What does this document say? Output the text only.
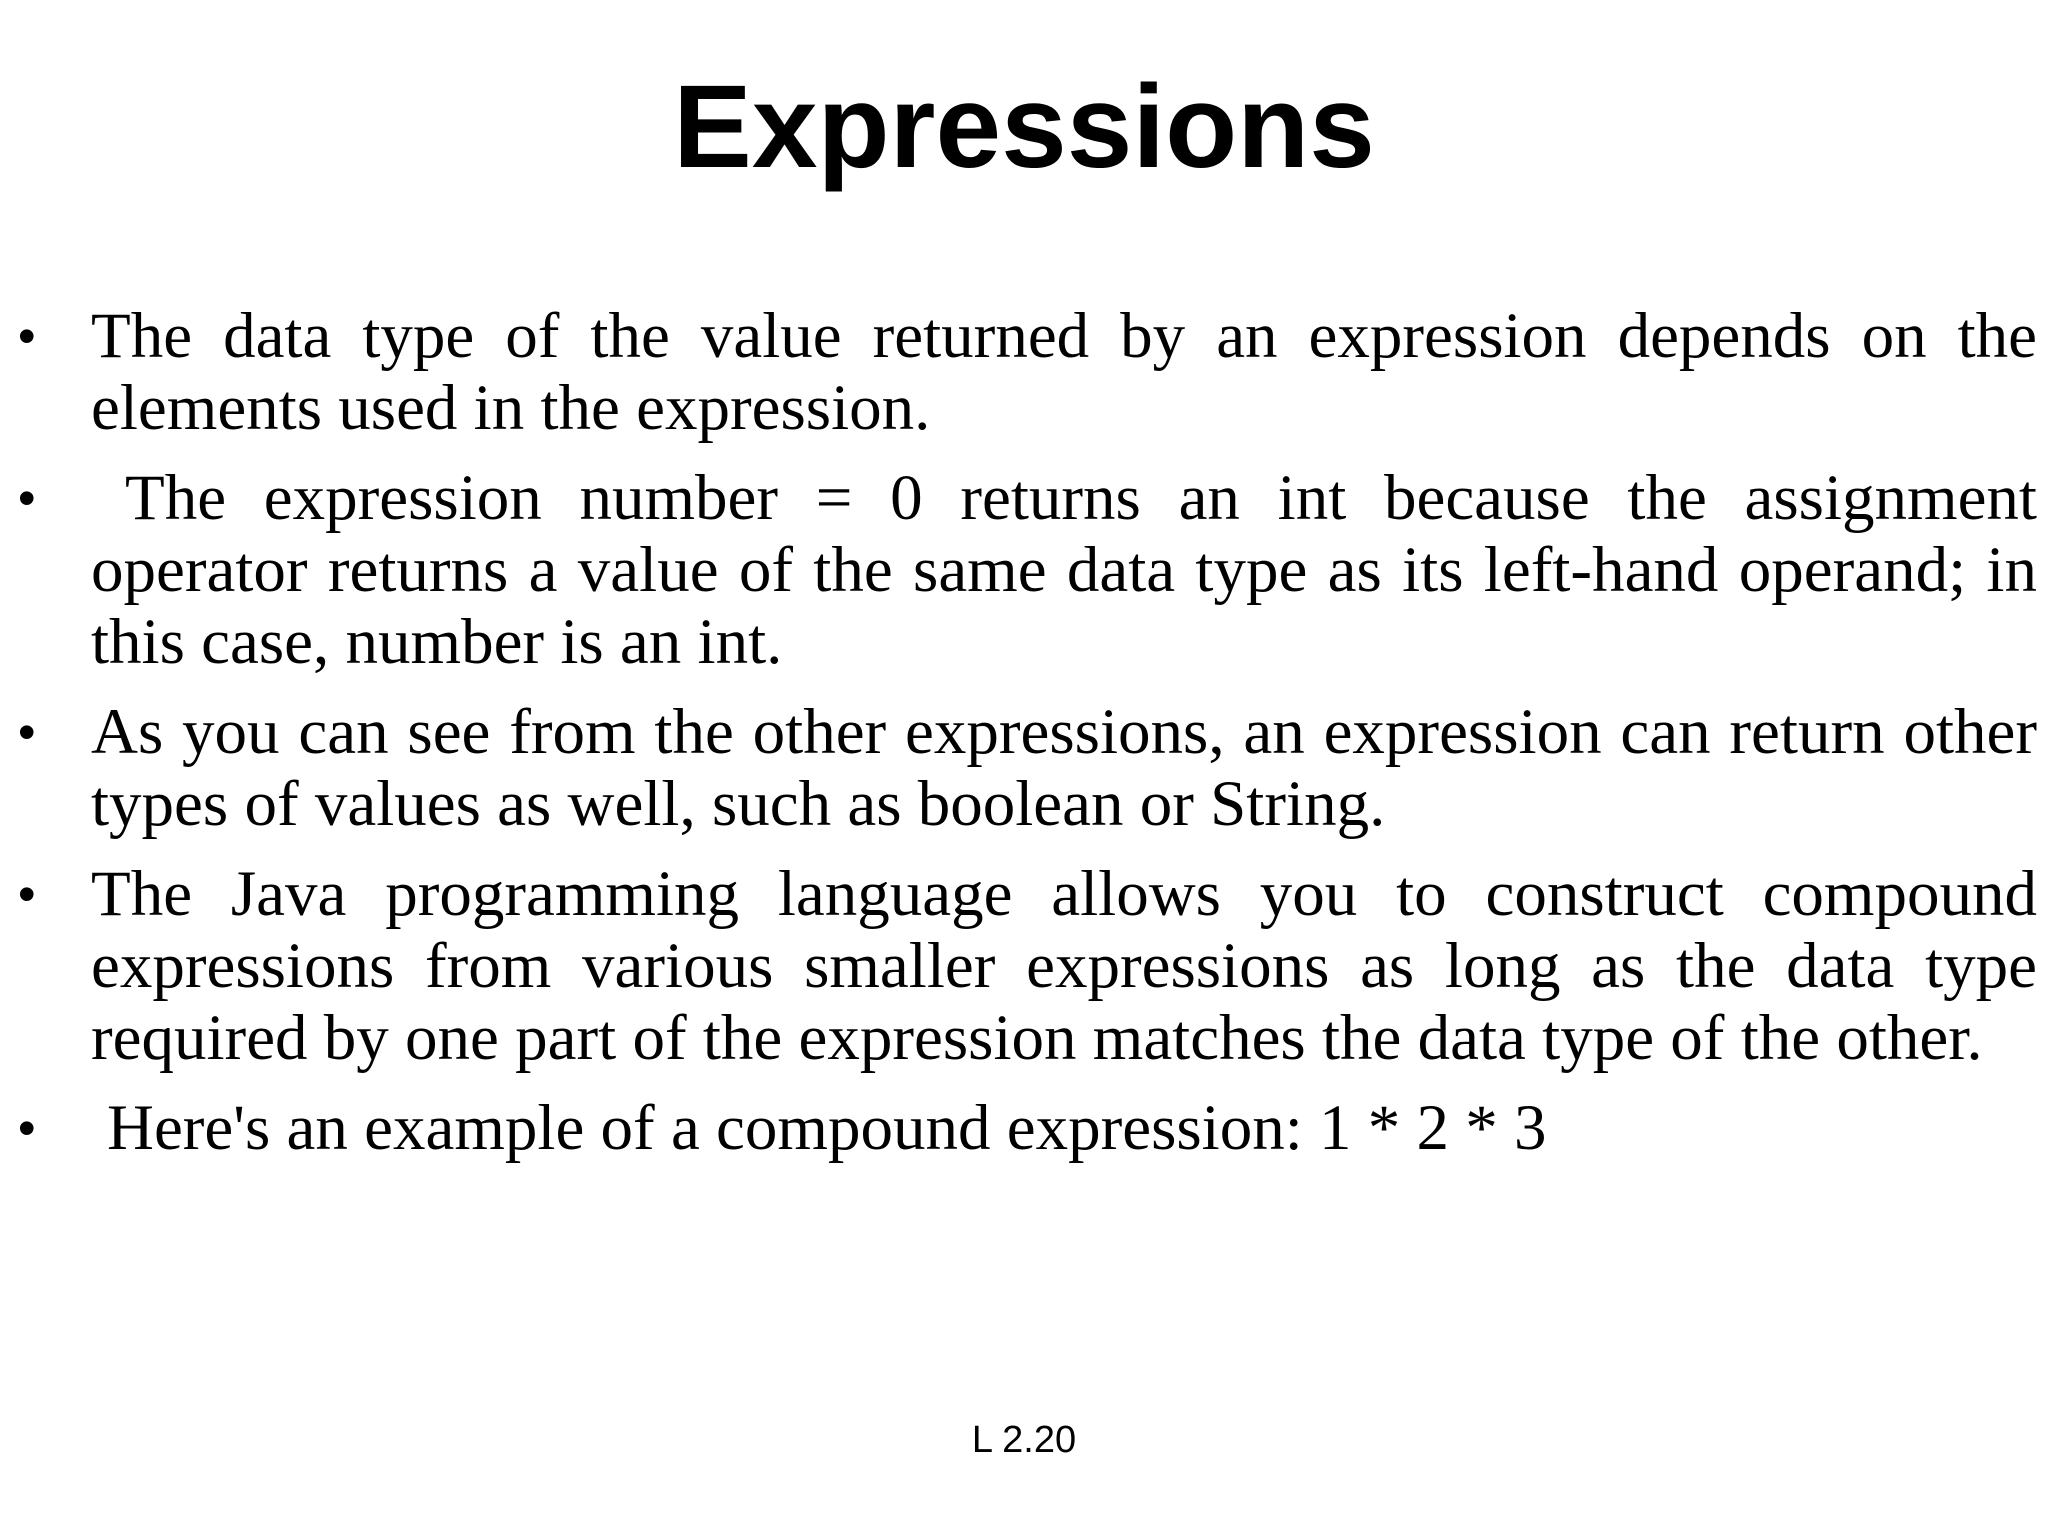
Expressions
• The data type of the value returned by an expression depends on the elements used in the expression.
•	The expression number = 0 returns an int because the assignment operator returns a value of the same data type as its left-hand operand; in this case, number is an int.
• As you can see from the other expressions, an expression can return other types of values as well, such as boolean or String.
• The Java programming language allows you to construct compound expressions from various smaller expressions as long as the data type required by one part of the expression matches the data type of the other.
• Here's an example of a compound expression: 1 * 2 * 3
L 2.20
